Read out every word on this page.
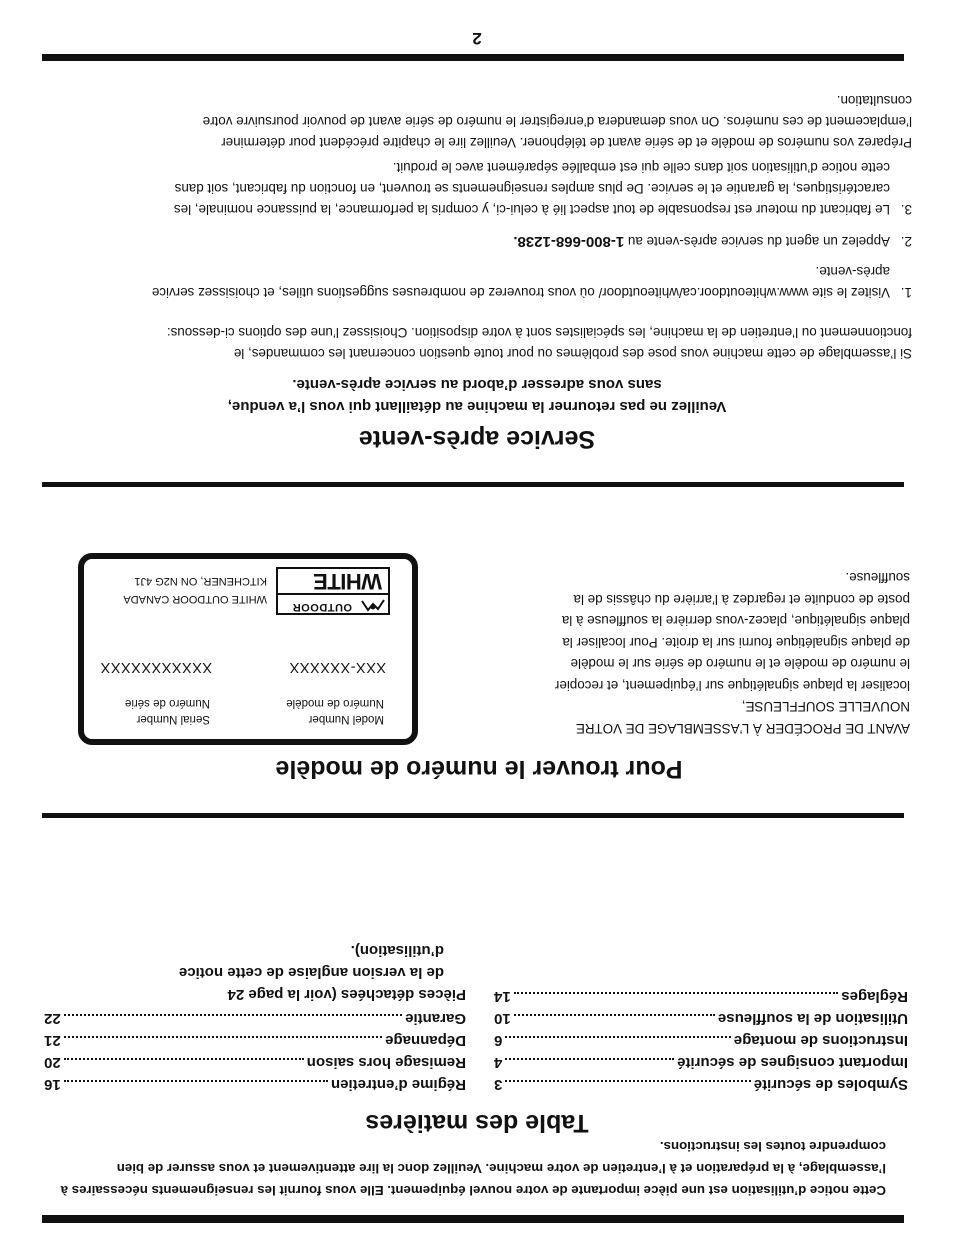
Cette notice d’utilisation est une pièce importante de votre nouvel équipement. Elle vous fournit les renseignements nécessaires à l’assemblage, à la préparation et à l’entretien de votre machine. Veuillez donc la lire attentivement et vous assurer de bien comprendre toutes les instructions.
Table des matières
Symboles de sécurité
3
Important consignes de sécurité
4
Instructions de montage
6
Utilisation de la souffleuse
10
Réglages
14
Régime d’entretien
16
Remisage hors saison
20
Dépannage
21
Garantie
22
Pièces détachées (voir la page 24
de la version anglaise de cette notice
d’utilisation).
Pour trouver le numéro de modèle
AVANT DE PROCÉDER À L’ASSEMBLAGE DE VOTRE
NOUVELLE SOUFFLEUSE,
localiser la plaque signalétique sur l’équipement, et recopier
le numéro de modèle et le numéro de série sur le modèle
de plaque signalétique fourni sur la droite. Pour localiser la
plaque signalétique, placez-vous derrière la souffleuse à la
poste de conduite et regardez à l’arrière du châssis de la
souffleuse.
Model Number
Numéro de modèle
Serial Number
Numéro de série
XXX-XXXXXX
XXXXXXXXXXX
OUTDOOR
WHITE
WHITE OUTDOOR CANADA
KITCHENER, ON N2G 4J1
Service après-vente
Veuillez ne pas retourner la machine au détaillant qui vous l’a vendue,
sans vous adresser d’abord au service après-vente.
Si l’assemblage de cette machine vous pose des problèmes ou pour toute question concernant les commandes, le
fonctionnement ou l’entretien de la machine, les spécialistes sont à votre disposition. Choisissez l’une des options ci-dessous:
1.
Visitez le site www.whiteoutdoor.ca/whiteoutdoor/ où vous trouverez de nombreuses suggestions utiles, et choisissez service
après-vente.
2.
Appelez un agent du service après-vente au 1-800-668-1238.
3.
Le fabricant du moteur est responsable de tout aspect lié à celui-ci, y compris la performance, la puissance nominale, les
caractéristiques, la garantie et le service. De plus amples renseignements se trouvent, en fonction du fabricant, soit dans
cette notice d’utilisation soit dans celle qui est emballée séparément avec le produit.
Préparez vos numéros de modèle et de série avant de téléphoner. Veuillez lire le chapitre précédent pour déterminer
l’emplacement de ces numéros. On vous demandera d’enregistrer le numéro de série avant de pouvoir poursuivre votre
consultation.
2
